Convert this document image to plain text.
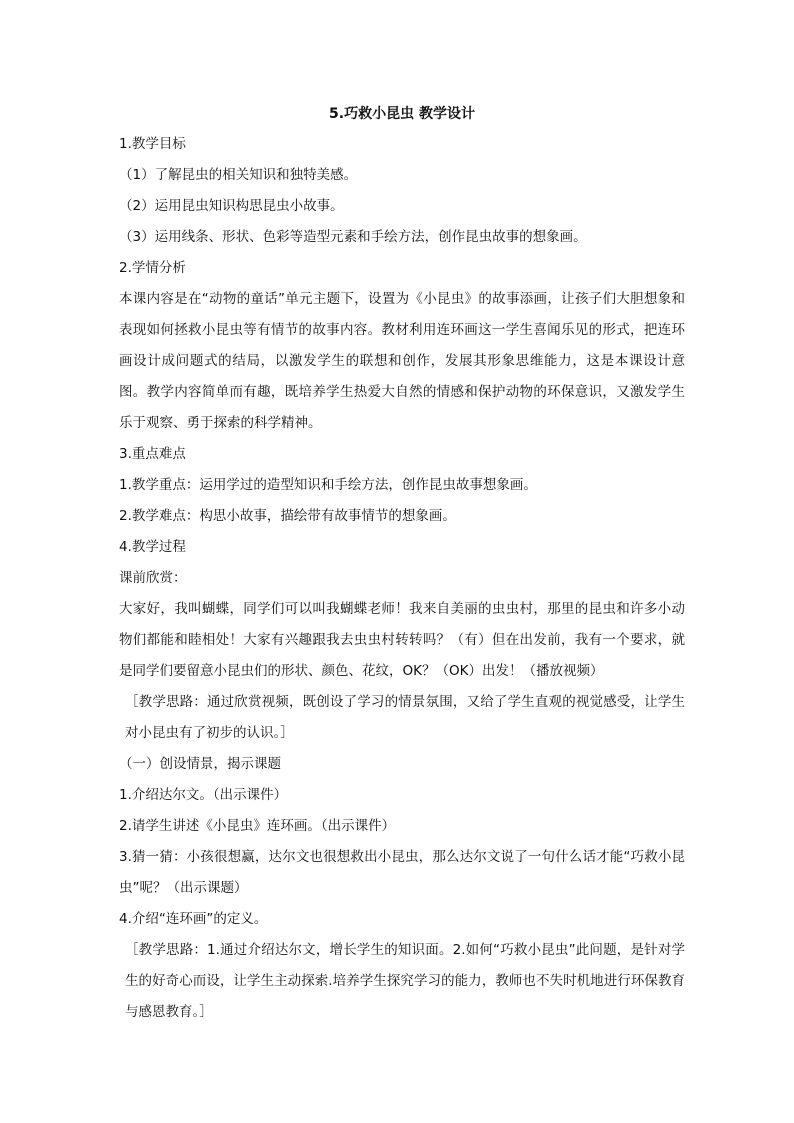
5.巧救小昆虫 教学设计

1.教学目标

（1）了解昆虫的相关知识和独特美感。

（2）运用昆虫知识构思昆虫小故事。

（3）运用线条、形状、色彩等造型元素和手绘方法，创作昆虫故事的想象画。

2.学情分析

本课内容是在“动物的童话”单元主题下，设置为《小昆虫》的故事添画，让孩子们大胆想象和表现如何拯救小昆虫等有情节的故事内容。教材利用连环画这一学生喜闻乐见的形式，把连环画设计成问题式的结局，以激发学生的联想和创作，发展其形象思维能力，这是本课设计意图。教学内容简单而有趣，既培养学生热爱大自然的情感和保护动物的环保意识，又激发学生乐于观察、勇于探索的科学精神。

3.重点难点

1.教学重点：运用学过的造型知识和手绘方法，创作昆虫故事想象画。

2.教学难点：构思小故事，描绘带有故事情节的想象画。

4.教学过程

课前欣赏：

大家好，我叫蝴蝶，同学们可以叫我蝴蝶老师！我来自美丽的虫虫村，那里的昆虫和许多小动物们都能和睦相处！大家有兴趣跟我去虫虫村转转吗？（有）但在出发前，我有一个要求，就是同学们要留意小昆虫们的形状、颜色、花纹，OK？（OK）出发！（播放视频）

［教学思路：通过欣赏视频，既创设了学习的情景氛围，又给了学生直观的视觉感受，让学生对小昆虫有了初步的认识。］

（一）创设情景，揭示课题

1.介绍达尔文。（出示课件）

2.请学生讲述《小昆虫》连环画。（出示课件）

3.猜一猜：小孩很想赢，达尔文也很想救出小昆虫，那么达尔文说了一句什么话才能“巧救小昆虫”呢？（出示课题）

4.介绍“连环画”的定义。

［教学思路：1.通过介绍达尔文，增长学生的知识面。2.如何“巧救小昆虫”此问题，是针对学生的好奇心而设，让学生主动探索.培养学生探究学习的能力，教师也不失时机地进行环保教育与感恩教育。］
